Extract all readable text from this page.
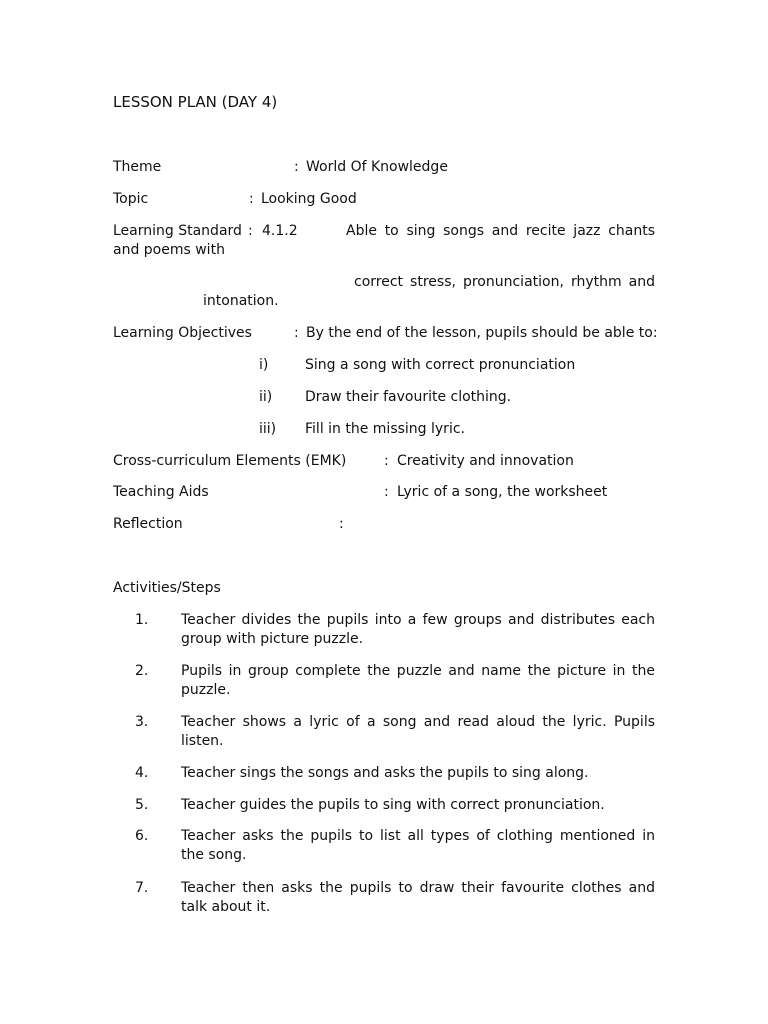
LESSON PLAN (DAY 4)
Theme	: World Of Knowledge
Topic	: Looking Good
Learning Standard : 4.1.2	Able to sing songs and recite jazz chants
and poems with
correct stress, pronunciation, rhythm and
intonation.
Learning Objectives	: By the end of the lesson, pupils should be able to:
i)	Sing a song with correct pronunciation
ii) Draw their favourite clothing.
iii) Fill in the missing lyric.
Cross-curriculum Elements (EMK)	: Creativity and innovation
Teaching Aids	: Lyric of a song, the worksheet
Reflection	:
Activities/Steps
1. Teacher divides the pupils into a few groups and distributes each group with picture puzzle.
2. Pupils in group complete the puzzle and name the picture in the puzzle.
3. Teacher shows a lyric of a song and read aloud the lyric. Pupils listen.
4. Teacher sings the songs and asks the pupils to sing along.
5. Teacher guides the pupils to sing with correct pronunciation.
6. Teacher asks the pupils to list all types of clothing mentioned in the song.
7. Teacher then asks the pupils to draw their favourite clothes and talk about it.
